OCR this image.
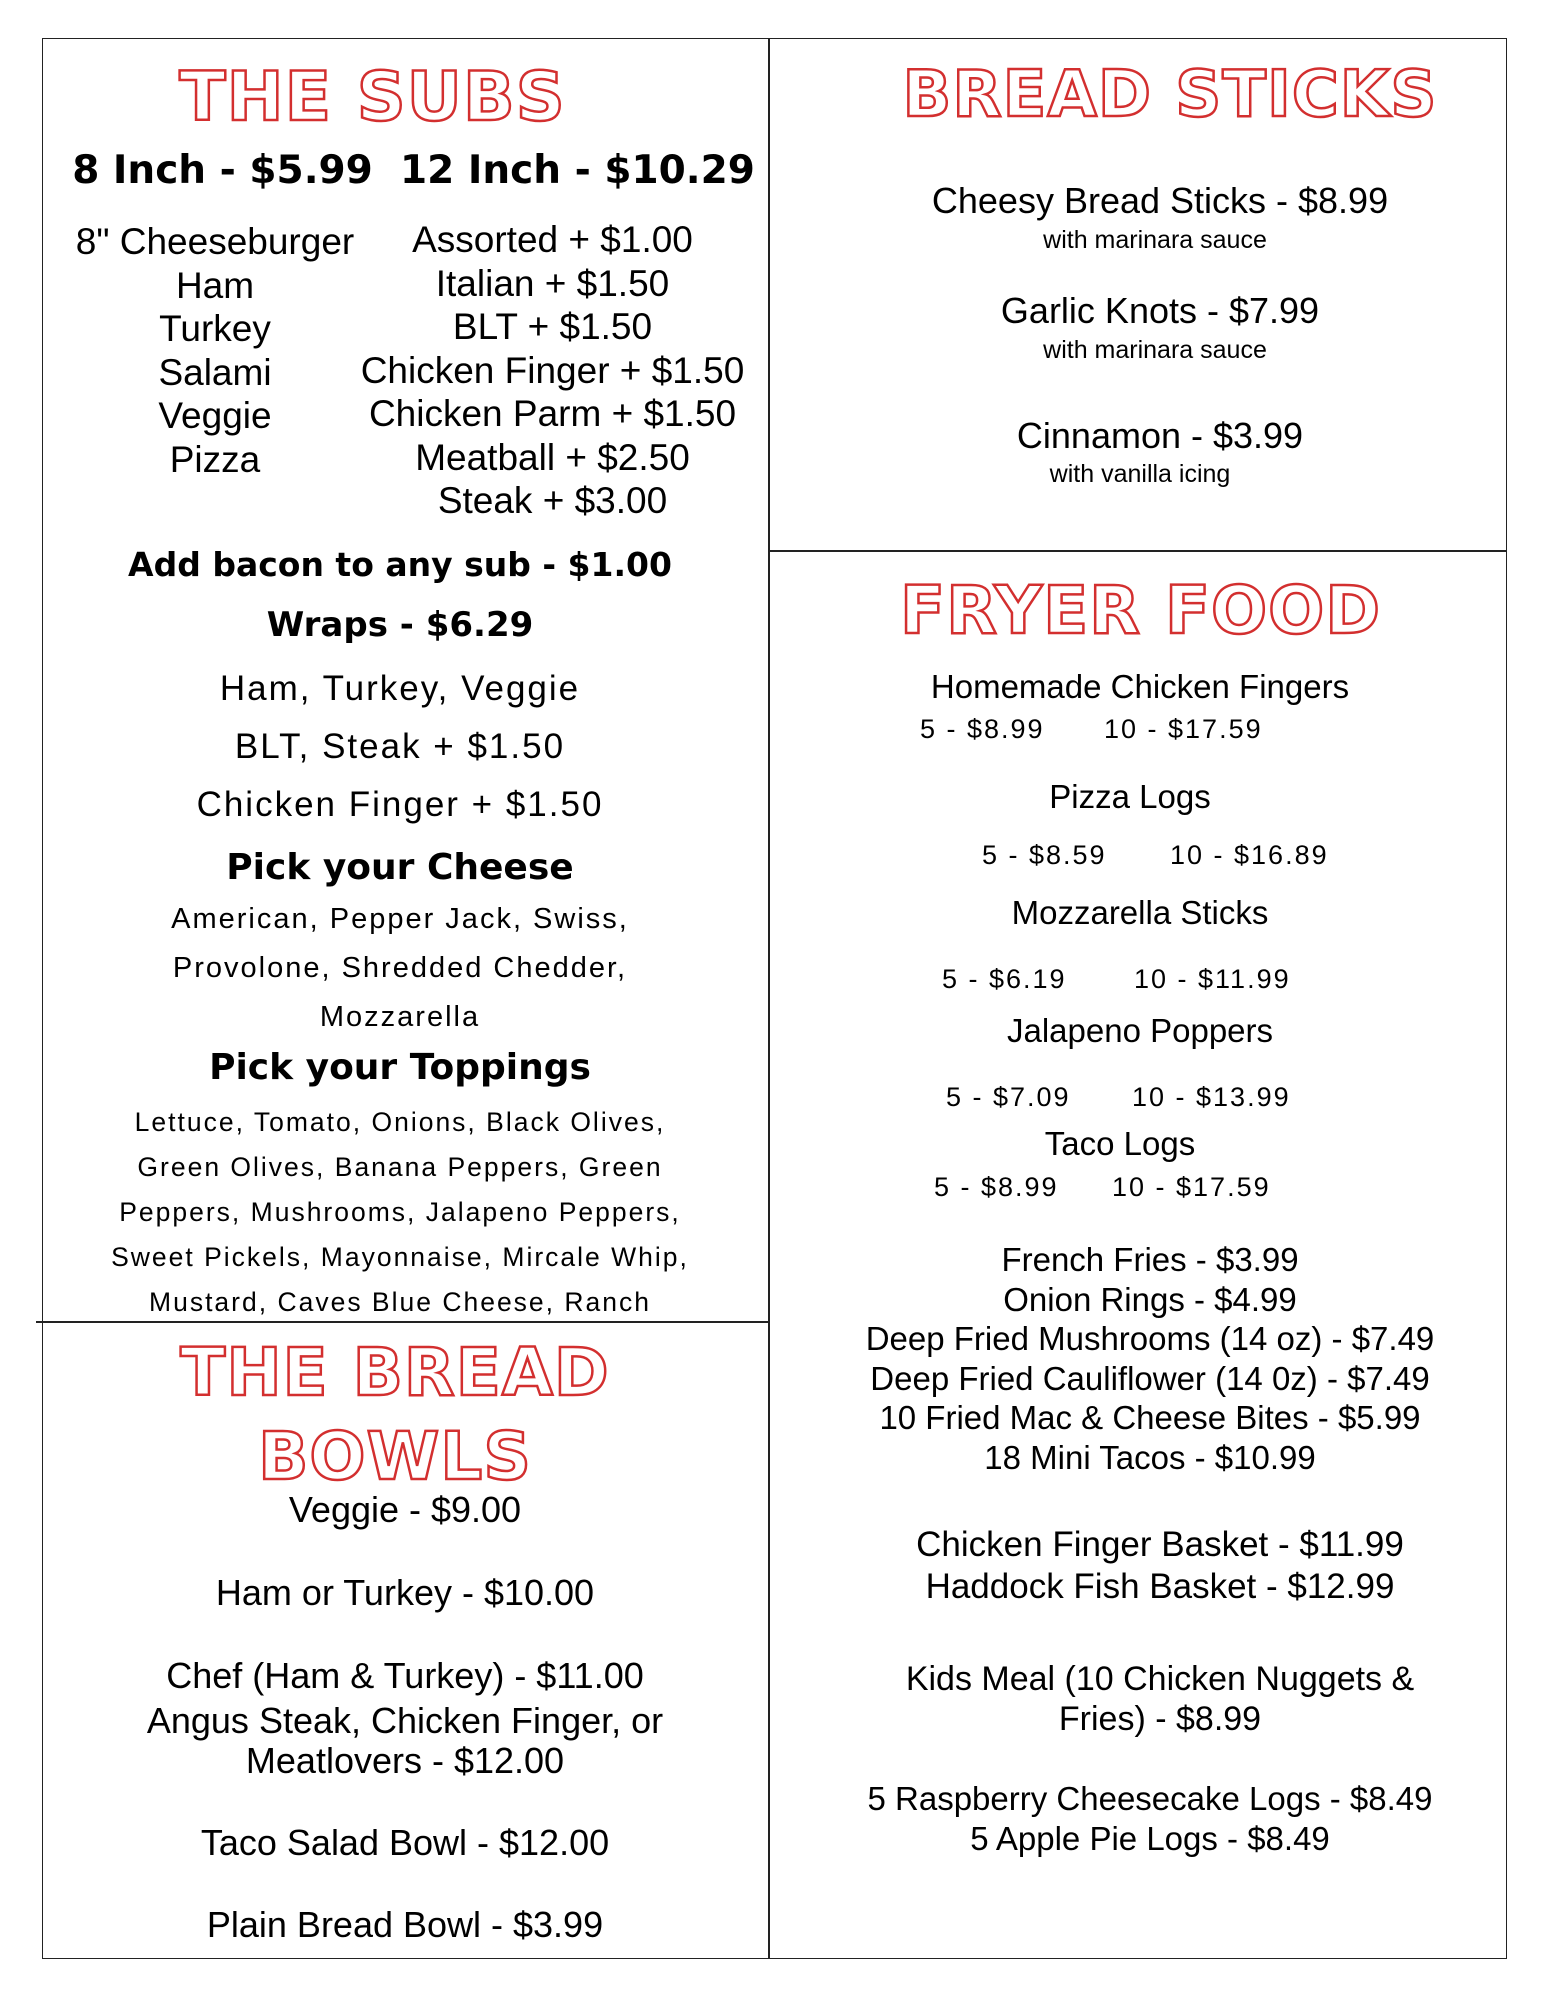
THE SUBS
8 Inch - $5.99 12 Inch - $10.29
8" Cheeseburger
Ham
Turkey
Salami
Veggie
Pizza
Assorted + $1.00
Italian + $1.50
BLT + $1.50
Chicken Finger + $1.50
Chicken Parm + $1.50
Meatball + $2.50
Steak + $3.00
Add bacon to any sub - $1.00
Wraps - $6.29
Ham, Turkey, Veggie
BLT, Steak + $1.50
Chicken Finger + $1.50
Pick your Cheese
American, Pepper Jack, Swiss,
Provolone, Shredded Chedder,
Mozzarella
Pick your Toppings
Lettuce, Tomato, Onions, Black Olives,
Green Olives, Banana Peppers, Green
Peppers, Mushrooms, Jalapeno Peppers,
Sweet Pickels, Mayonnaise, Mircale Whip,
Mustard, Caves Blue Cheese, Ranch
THE BREAD
BOWLS
Veggie - $9.00
Ham or Turkey - $10.00
Chef (Ham & Turkey) - $11.00
Angus Steak, Chicken Finger, or
Meatlovers - $12.00
Taco Salad Bowl - $12.00
Plain Bread Bowl - $3.99
BREAD STICKS
Cheesy Bread Sticks - $8.99
with marinara sauce
Garlic Knots - $7.99
with marinara sauce
Cinnamon - $3.99
with vanilla icing
FRYER FOOD
Homemade Chicken Fingers
5 - $8.99	10 - $17.59
Pizza Logs
5 - $8.59	10 - $16.89
Mozzarella Sticks
5 - $6.19	10 - $11.99
Jalapeno Poppers
5 - $7.09	10 - $13.99
Taco Logs
5 - $8.99	10 - $17.59
French Fries - $3.99
Onion Rings - $4.99
Deep Fried Mushrooms (14 oz) - $7.49
Deep Fried Cauliflower (14 0z) - $7.49
10 Fried Mac & Cheese Bites - $5.99
18 Mini Tacos - $10.99
Chicken Finger Basket - $11.99
Haddock Fish Basket - $12.99
Kids Meal (10 Chicken Nuggets &
Fries) - $8.99
5 Raspberry Cheesecake Logs - $8.49
5 Apple Pie Logs - $8.49
